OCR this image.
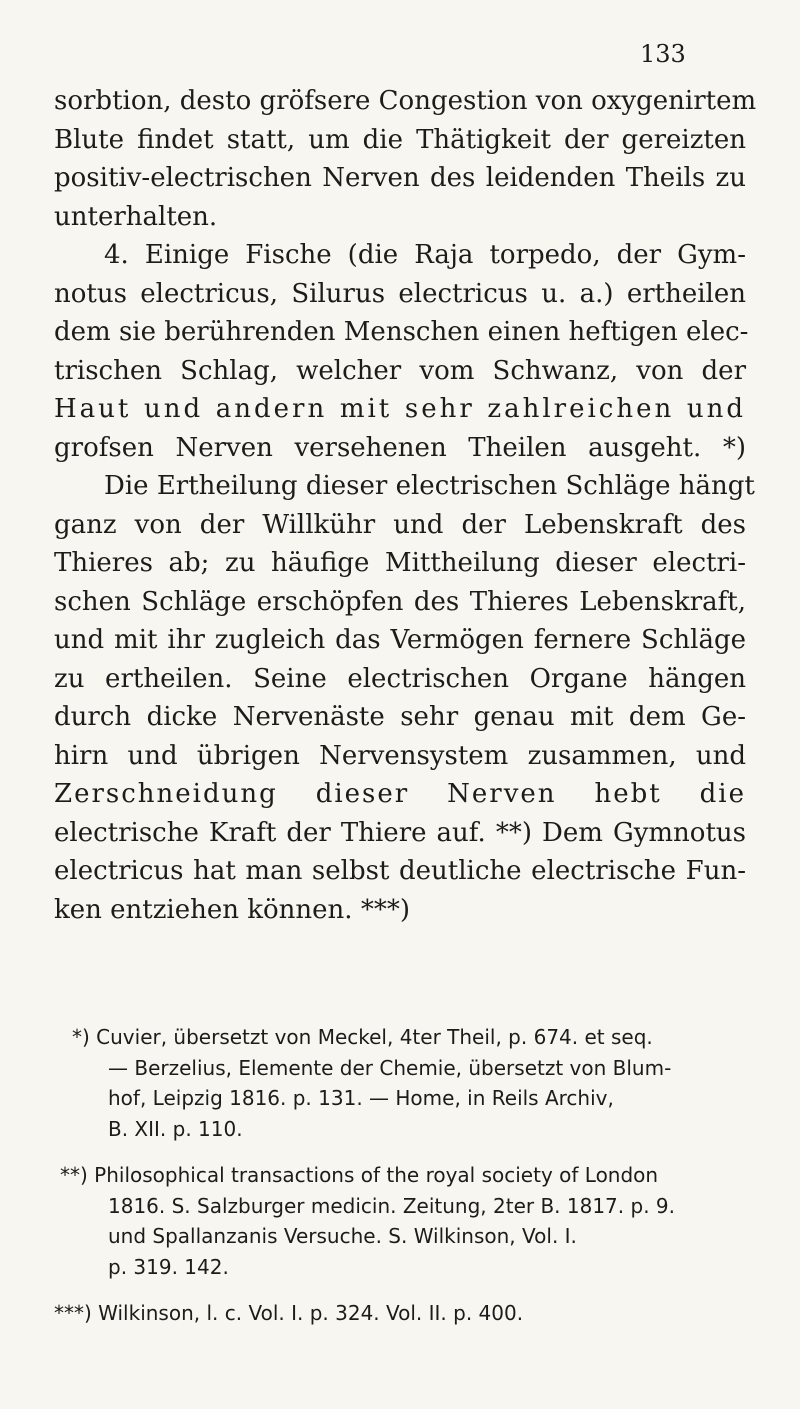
133
sorbtion, desto gröfsere Congestion von oxygenirtem
Blute findet statt, um die Thätigkeit der gereizten
positiv-electrischen Nerven des leidenden Theils zu
unterhalten.
4. Einige Fische (die Raja torpedo, der Gym-
notus electricus, Silurus electricus u. a.) ertheilen
dem sie berührenden Menschen einen heftigen elec-
trischen Schlag, welcher vom Schwanz, von der
Haut und andern mit sehr zahlreichen und
grofsen Nerven versehenen Theilen ausgeht. *)
Die Ertheilung dieser electrischen Schläge hängt
ganz von der Willkühr und der Lebenskraft des
Thieres ab; zu häufige Mittheilung dieser electri-
schen Schläge erschöpfen des Thieres Lebenskraft,
und mit ihr zugleich das Vermögen fernere Schläge
zu ertheilen. Seine electrischen Organe hängen
durch dicke Nervenäste sehr genau mit dem Ge-
hirn und übrigen Nervensystem zusammen, und
Zerschneidung dieser Nerven hebt die
electrische Kraft der Thiere auf. **) Dem Gymnotus
electricus hat man selbst deutliche electrische Fun-
ken entziehen können. ***)
*) Cuvier, übersetzt von Meckel, 4ter Theil, p. 674. et seq.
— Berzelius, Elemente der Chemie, übersetzt von Blum-
hof, Leipzig 1816. p. 131. — Home, in Reils Archiv,
B. XII. p. 110.
**) Philosophical transactions of the royal society of London
1816. S. Salzburger medicin. Zeitung, 2ter B. 1817. p. 9.
und Spallanzanis Versuche. S. Wilkinson, Vol. I.
p. 319. 142.
***) Wilkinson, l. c. Vol. I. p. 324. Vol. II. p. 400.
